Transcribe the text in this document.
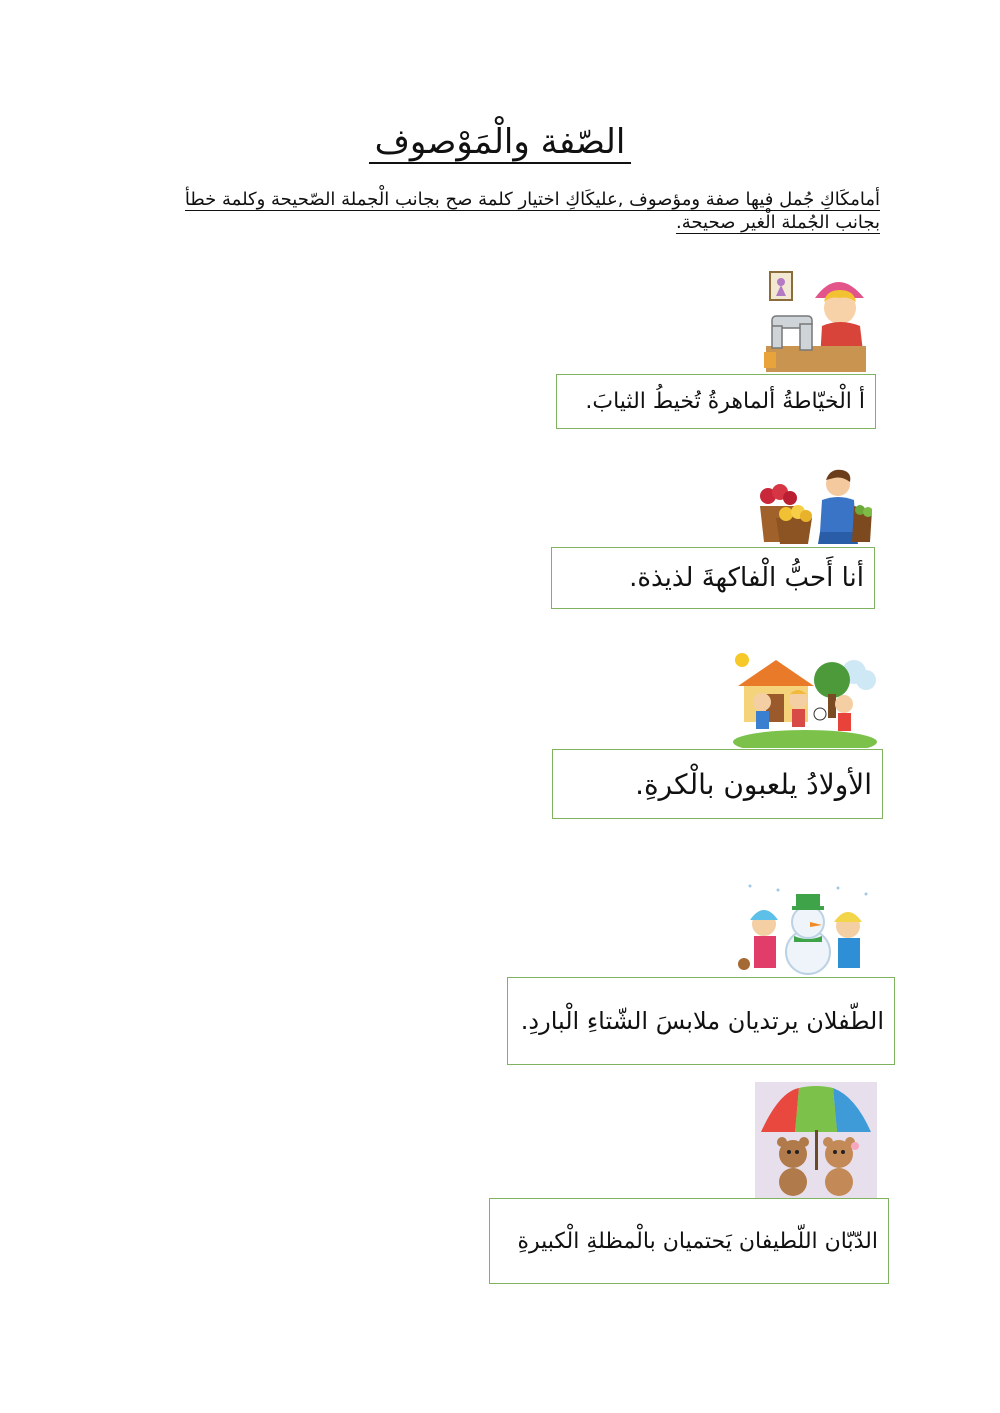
الصّفة والْمَوْصوف
أمامكَاكِ جُمل فيها صفة ومؤصوف ,عليكَاكِ اختيار كلمة صح بجانب الْجملة الصّحيحة وكلمة خطأ بجانب الجُملة الْغير صحيحة.
أ الْخيّاطةُ ألماهرةُ تُخيطُ الثيابَ.
أنا أَحبُّ الْفاكهةَ لذيذة.
الأولادُ يلعبون بالْكرةِ.
الطّفلان يرتديان ملابسَ الشّتاءِ الْباردِ.
الدّبّان اللّطيفان يَحتميان بالْمظلةِ الْكبيرةِ
